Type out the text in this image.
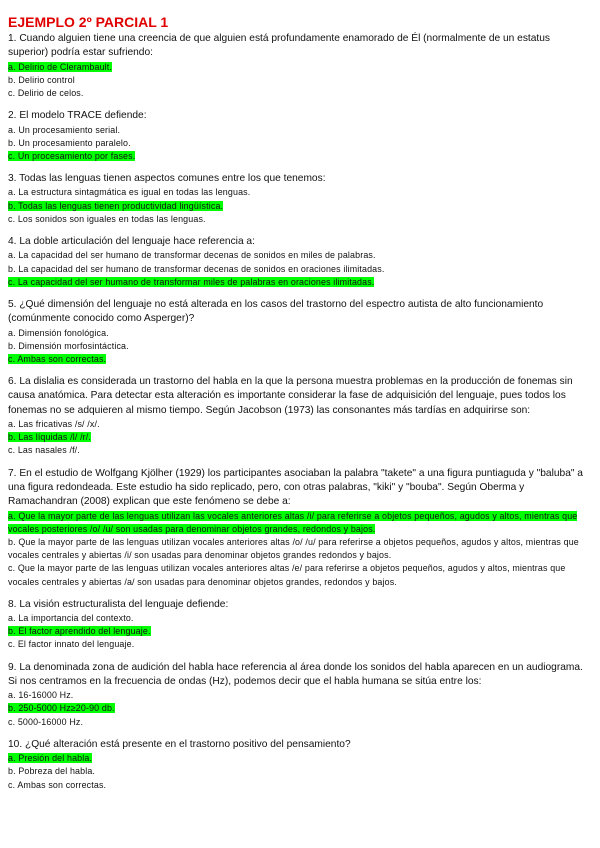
EJEMPLO 2º PARCIAL 1

1. Cuando alguien tiene una creencia de que alguien está profundamente enamorado de Él (normalmente de un estatus superior) podría estar sufriendo:

a. Delirio de Clerambault.
b. Delirio control
c. Delirio de celos.

2. El modelo TRACE defiende:

a. Un procesamiento serial.
b. Un procesamiento paralelo.
c. Un procesamiento por fases.

3. Todas las lenguas tienen aspectos comunes entre los que tenemos:

a. La estructura sintagmática es igual en todas las lenguas.
b. Todas las lenguas tienen productividad lingüística.
c. Los sonidos son iguales en todas las lenguas.

4. La doble articulación del lenguaje hace referencia a:

a. La capacidad del ser humano de transformar decenas de sonidos en miles de palabras.
b. La capacidad del ser humano de transformar decenas de sonidos en oraciones ilimitadas.
c. La capacidad del ser humano de transformar miles de palabras en oraciones ilimitadas.

5. ¿Qué dimensión del lenguaje no está alterada en los casos del trastorno del espectro autista de alto funcionamiento (comúnmente conocido como Asperger)?

a. Dimensión fonológica.
b. Dimensión morfosintáctica.
c. Ambas son correctas.

6. La dislalia es considerada un trastorno del habla en la que la persona muestra problemas en la producción de fonemas sin causa anatómica. Para detectar esta alteración es importante considerar la fase de adquisición del lenguaje, pues todos los fonemas no se adquieren al mismo tiempo. Según Jacobson (1973) las consonantes más tardías en adquirirse son:

a. Las fricativas /s/ /x/.
b. Las líquidas /l/ /r/.
c. Las nasales /f/.

7. En el estudio de Wolfgang Kjölher (1929) los participantes asociaban la palabra "takete" a una figura puntiaguda y "baluba" a una figura redondeada. Este estudio ha sido replicado, pero, con otras palabras, "kiki" y "bouba". Según Oberma y Ramachandran (2008) explican que este fenómeno se debe a:

a. Que la mayor parte de las lenguas utilizan las vocales anteriores altas /i/ para referirse a objetos pequeños, agudos y altos, mientras que vocales posteriores /o/ /u/ son usadas para denominar objetos grandes, redondos y bajos.
b. Que la mayor parte de las lenguas utilizan vocales anteriores altas /o/ /u/ para referirse a objetos pequeños, agudos y altos, mientras que vocales centrales y abiertas /i/ son usadas para denominar objetos grandes redondos y bajos.
c. Que la mayor parte de las lenguas utilizan vocales anteriores altas /e/ para referirse a objetos pequeños, agudos y altos, mientras que vocales centrales y abiertas /a/ son usadas para denominar objetos grandes, redondos y bajos.

8. La visión estructuralista del lenguaje defiende:

a. La importancia del contexto.
b. El factor aprendido del lenguaje.
c. El factor innato del lenguaje.

9. La denominada zona de audición del habla hace referencia al área donde los sonidos del habla aparecen en un audiograma. Si nos centramos en la frecuencia de ondas (Hz), podemos decir que el habla humana se sitúa entre los:

a. 16-16000 Hz.
b. 250-5000 Hz≥20-90 db.
c. 5000-16000 Hz.

10. ¿Qué alteración está presente en el trastorno positivo del pensamiento?

a. Presión del habla.
b. Pobreza del habla.
c. Ambas son correctas.
